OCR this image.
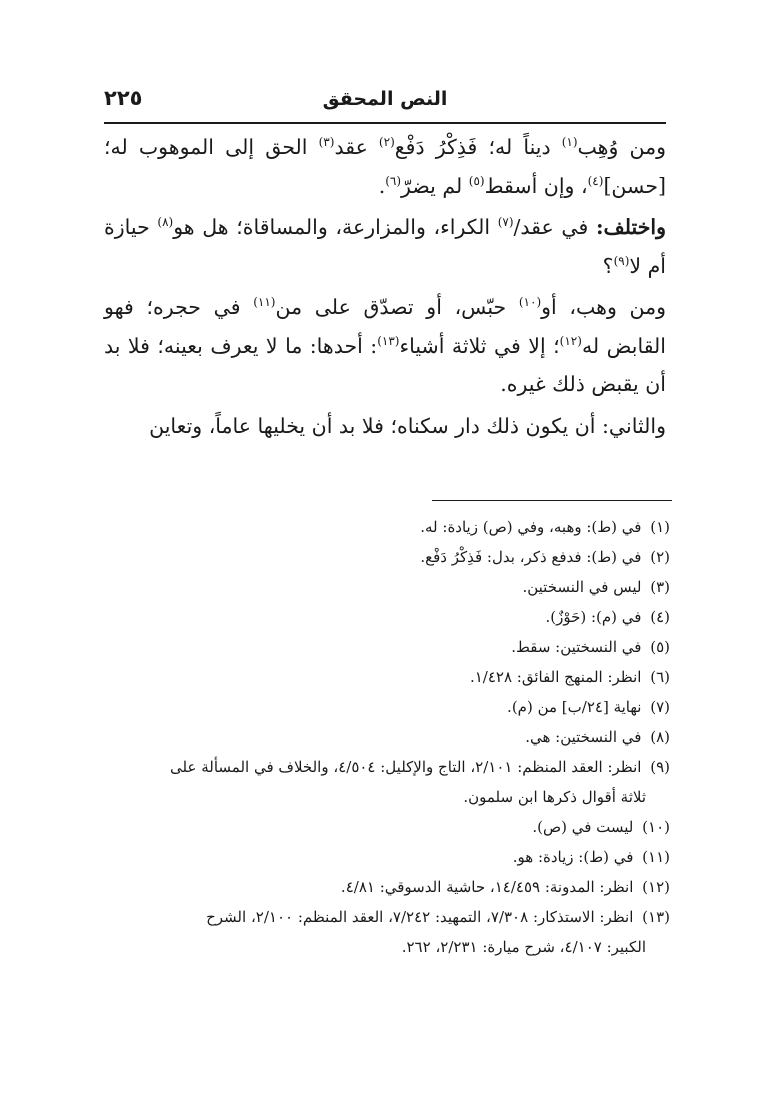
النص المحقق
٢٢٥

ومن وُهِب$^{(١)}$ ديناً له؛ فَذِكْرُ دَفْع$^{(٢)}$ عقد$^{(٣)}$ الحق إلى الموهوب له؛ [حسن]$^{(٤)}$، وإن أسقط$^{(٥)}$ لم يضرّ$^{(٦)}$.

واختلف: في عقد/$^{(٧)}$ الكراء، والمزارعة، والمساقاة؛ هل هو$^{(٨)}$ حيازة أم لا$^{(٩)}$؟

ومن وهب، أو$^{(١٠)}$ حبّس، أو تصدّق على من$^{(١١)}$ في حجره؛ فهو القابض له$^{(١٢)}$؛ إلا في ثلاثة أشياء$^{(١٣)}$: أحدها: ما لا يعرف بعينه؛ فلا بد أن يقبض ذلك غيره.

والثاني: أن يكون ذلك دار سكناه؛ فلا بد أن يخليها عاماً، وتعاين

(١) في (ط): وهبه، وفي (ص) زيادة: له.
(٢) في (ط): فدفع ذكر، بدل: فَذِكْرُ دَفْع.
(٣) ليس في النسختين.
(٤) في (م): (حَوْزٌ).
(٥) في النسختين: سقط.
(٦) انظر: المنهج الفائق: ١/٤٢٨.
(٧) نهاية [٢٤/ب] من (م).
(٨) في النسختين: هي.
(٩) انظر: العقد المنظم: ٢/١٠١، التاج والإكليل: ٤/٥٠٤، والخلاف في المسألة على
ثلاثة أقوال ذكرها ابن سلمون.
(١٠) ليست في (ص).
(١١) في (ط): زيادة: هو.
(١٢) انظر: المدونة: ١٤/٤٥٩، حاشية الدسوقي: ٤/٨١.
(١٣) انظر: الاستذكار: ٧/٣٠٨، التمهيد: ٧/٢٤٢، العقد المنظم: ٢/١٠٠، الشرح
الكبير: ٤/١٠٧، شرح ميارة: ٢/٢٣١، ٢٦٢.
